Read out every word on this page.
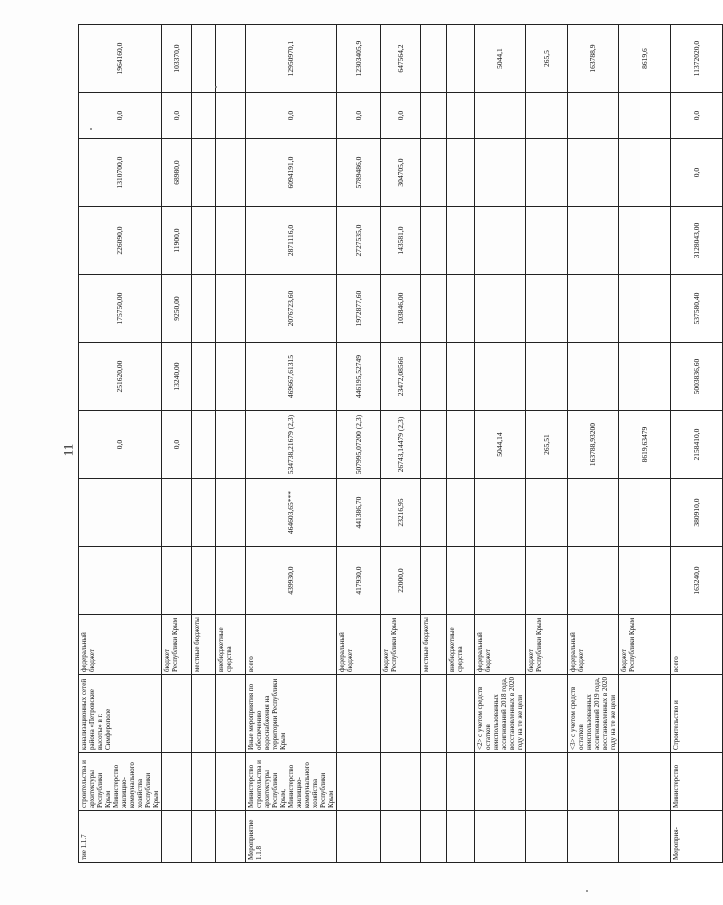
11
тие 1.1.7	строительства и архитектуры Республики Крым Министерство жилищно-коммунального хозяйства Республики Крым	канализационных сетей района «Петровские высоты» в г. Симферополе	федеральный бюджет			0,0	251620,00	175750,00	226090,0	1310700,0	0,0	1964160,0
			бюджет Республики Крым			0,0	13240,00	9250,00	11900,0	68980,0	0,0	103370,0
			местные бюджеты									
			внебюджетные средства									
Мероприятие 1.1.8	Министерство строительства и архитектуры Республики Крым, Министерство жилищно-коммунального хозяйства Республики Крым	Иные мероприятия по обеспечению водоснабжения на территории Республики Крым	всего	439930,0	464603,65***	534738,21679 (2,3)	469667,61315	2076723,60	2871116,0	6094191,0	0,0	12950970,1
			федеральный бюджет	417930,0	441386,70	507995,07200 (2,3)	446195,52749	1972877,60	2727535,0	5789486,0	0,0	12303405,9
			бюджет Республики Крым	22000,0	23216,95	26743,14479 (2,3)	23472,08566	103846,00	143581,0	304705,0	0,0	647564,2
			местные бюджеты									
			внебюджетные средства									
		<2> с учетом средств остатков неиспользованных ассигнований 2018 года, восстановленных в 2020 году на те же цели	федеральный бюджет			5044,14						5044,1
			бюджет Республики Крым			265,51						265,5
		<3> с учетом средств остатков неиспользованных ассигнований 2019 года, восстановленных в 2020 году на те же цели	федеральный бюджет			163788,93200						163788,9
			бюджет Республики Крым			8619,63479						8619,6
Мероприя-	Министерство	Строительство и	всего	163240,0	380910,0	2158410,0	5003836,60	537580,40	3128043,00	0,0	0,0	11372020,0
